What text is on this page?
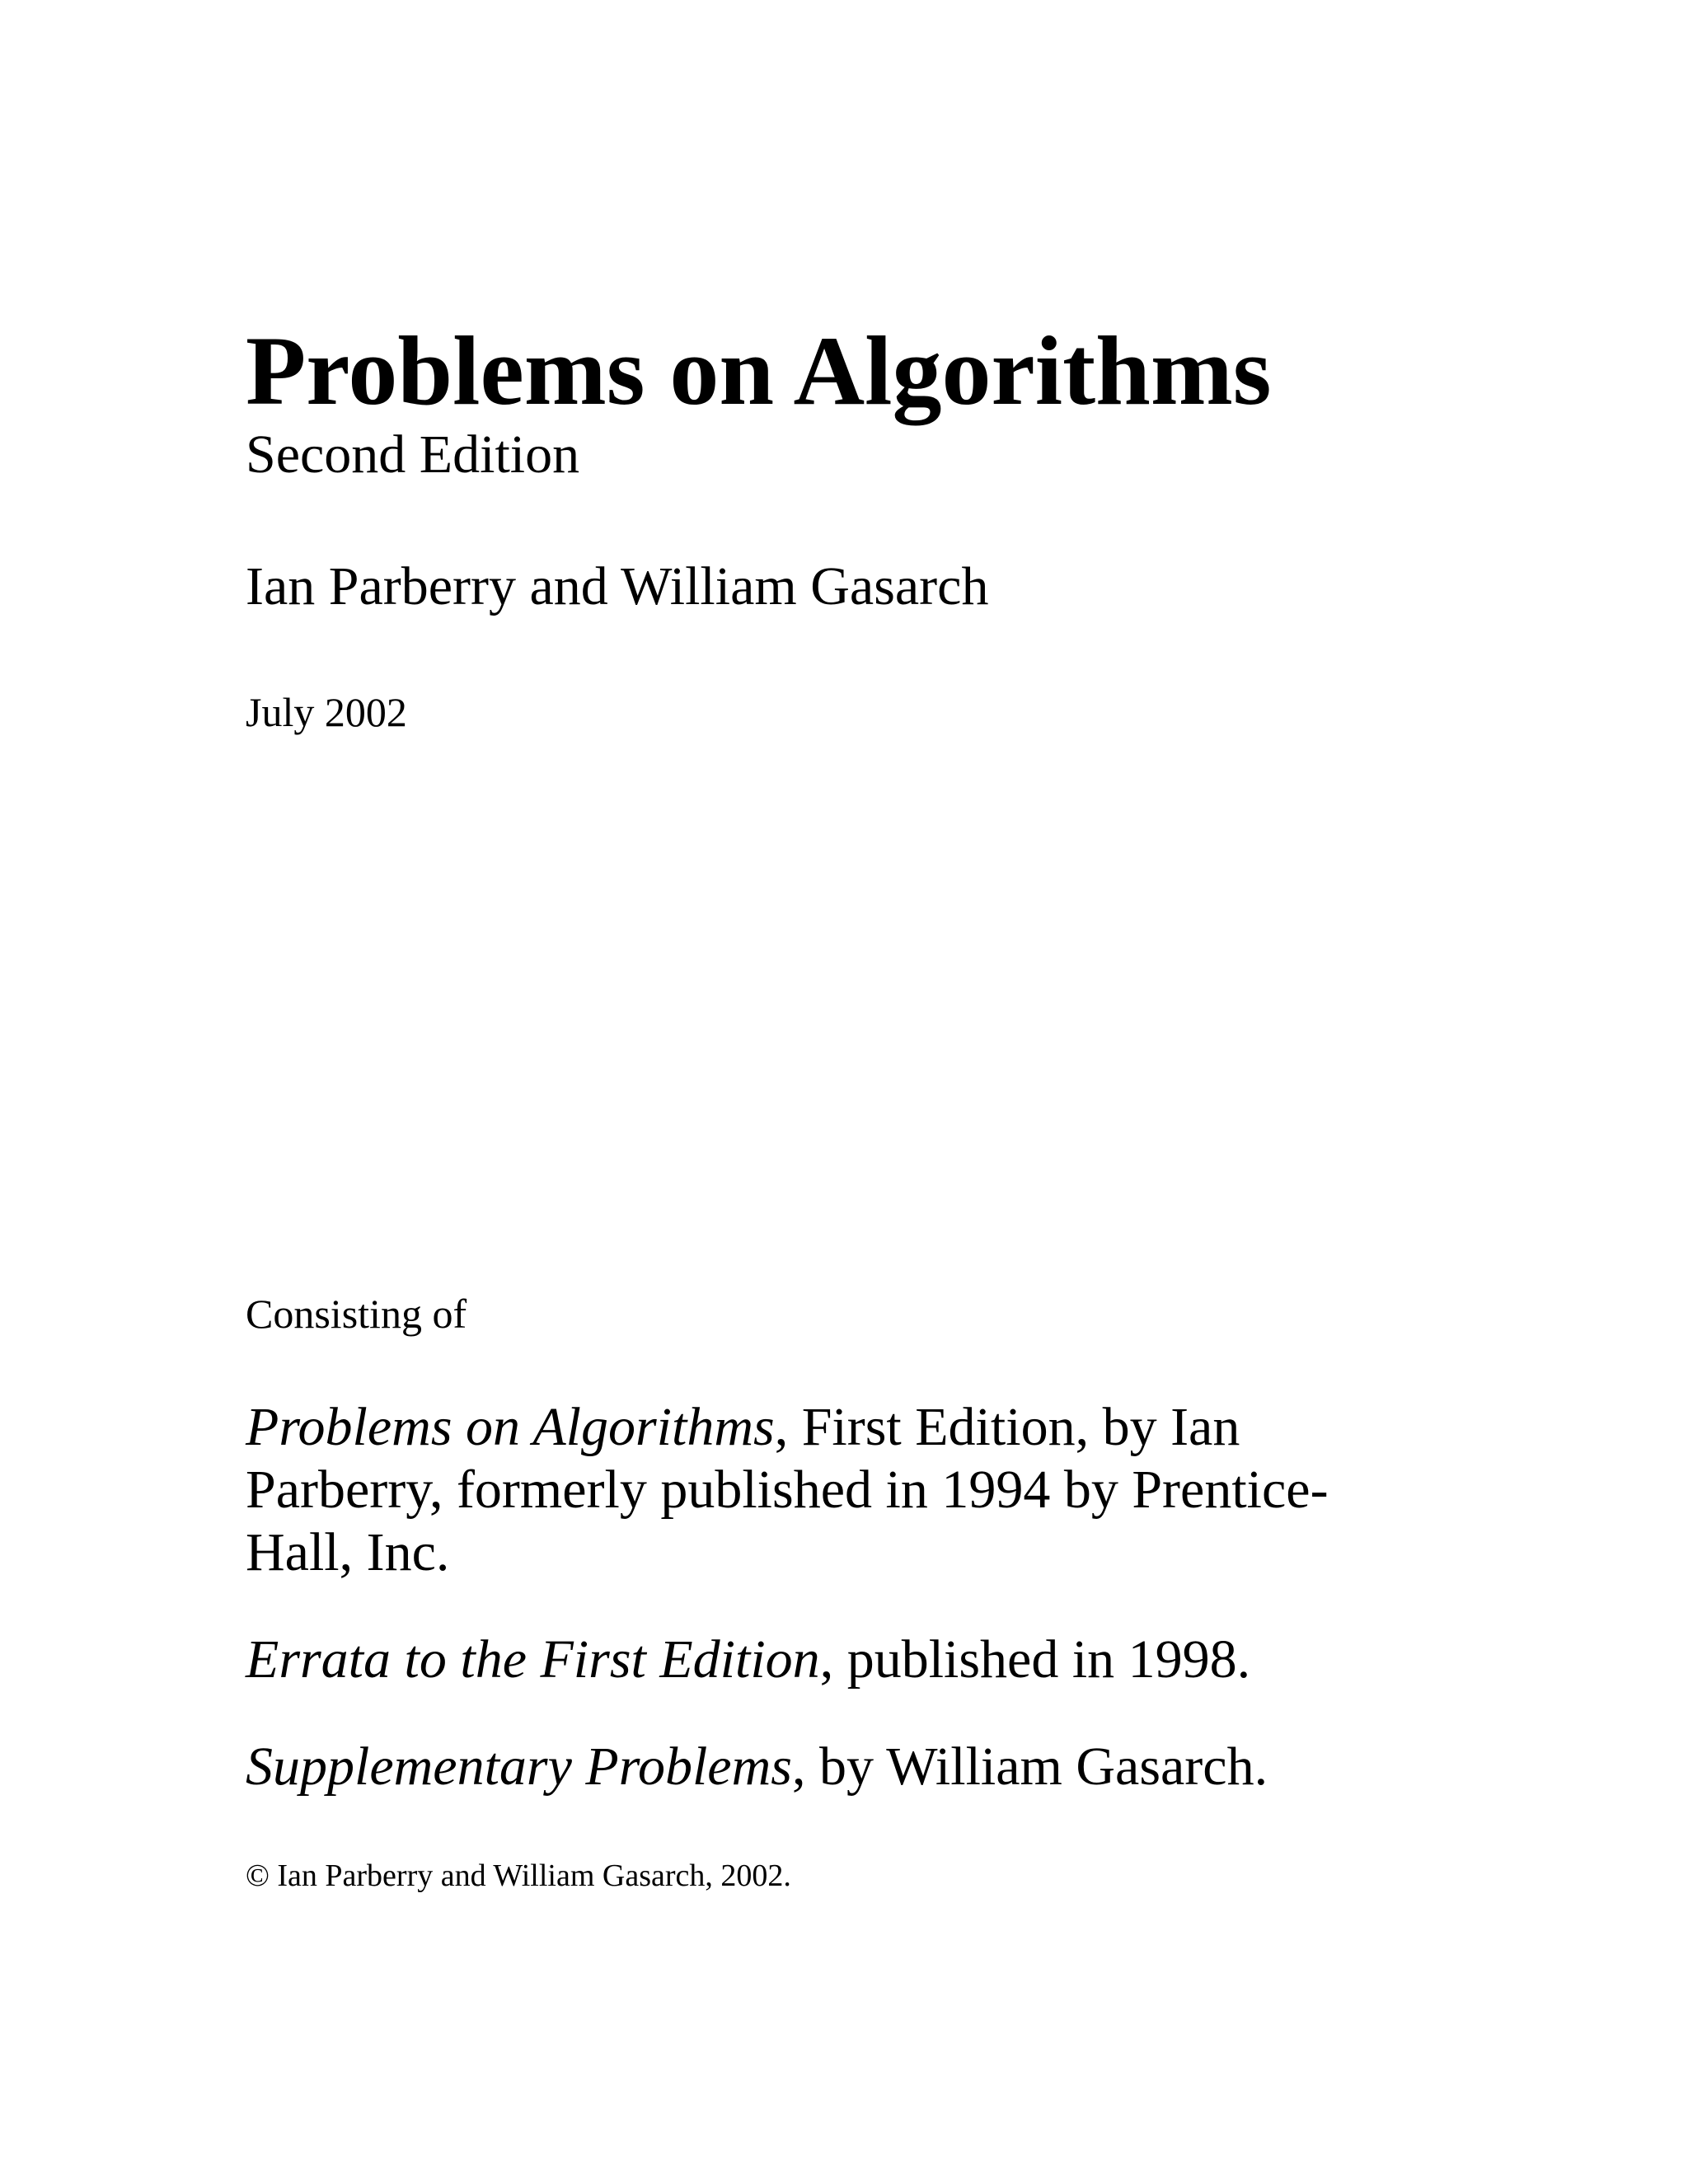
Problems on Algorithms

Second Edition

Ian Parberry and William Gasarch

July 2002

Consisting of

Problems on Algorithms, First Edition, by Ian
Parberry, formerly published in 1994 by Prentice-
Hall, Inc.
Errata to the First Edition, published in 1998.
Supplementary Problems, by William Gasarch.

© Ian Parberry and William Gasarch, 2002.
